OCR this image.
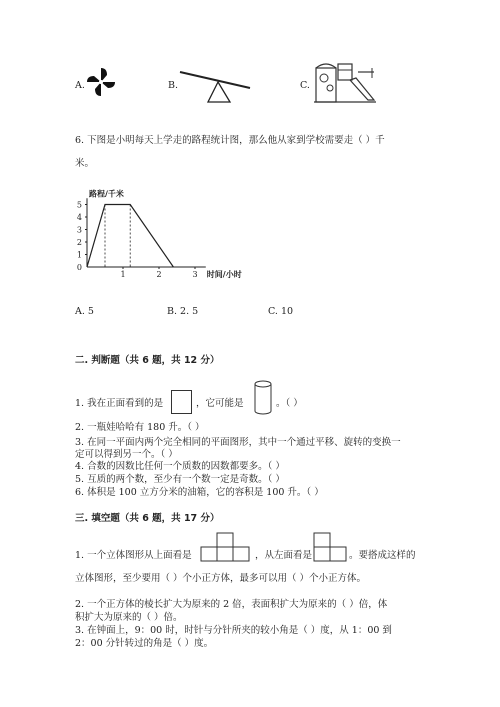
A.	B.	C.
6. 下图是小明每天上学走的路程统计图，那么他从家到学校需要走（ ）千
米。
0
1
2
3
4
5
1	2	3
路程/千米
时间/小时
A. 5	B. 2. 5	C. 10
二. 判断题（共 6 题，共 12 分）
1. 我在正面看到的是	，它可能是	。（ ）
2. 一瓶娃哈哈有 180 升。（ ）
3. 在同一平面内两个完全相同的平面图形，其中一个通过平移、旋转的变换一
定可以得到另一个。（ ）
4. 合数的因数比任何一个质数的因数都要多。（ ）
5. 互质的两个数，至少有一个数一定是奇数。（ ）
6. 体积是 100 立方分米的油箱，它的容积是 100 升。（ ）
三. 填空题（共 6 题，共 17 分）
1. 一个立体图形从上面看是	，从左面看是	。要搭成这样的
立体图形，至少要用（ ）个小正方体，最多可以用（ ）个小正方体。
2. 一个正方体的棱长扩大为原来的 2 倍，表面积扩大为原来的（ ）倍，体
积扩大为原来的（ ）倍。
3. 在钟面上，9：00 时，时针与分针所夹的较小角是（ ）度，从 1：00 到
2：00 分针转过的角是（ ）度。
